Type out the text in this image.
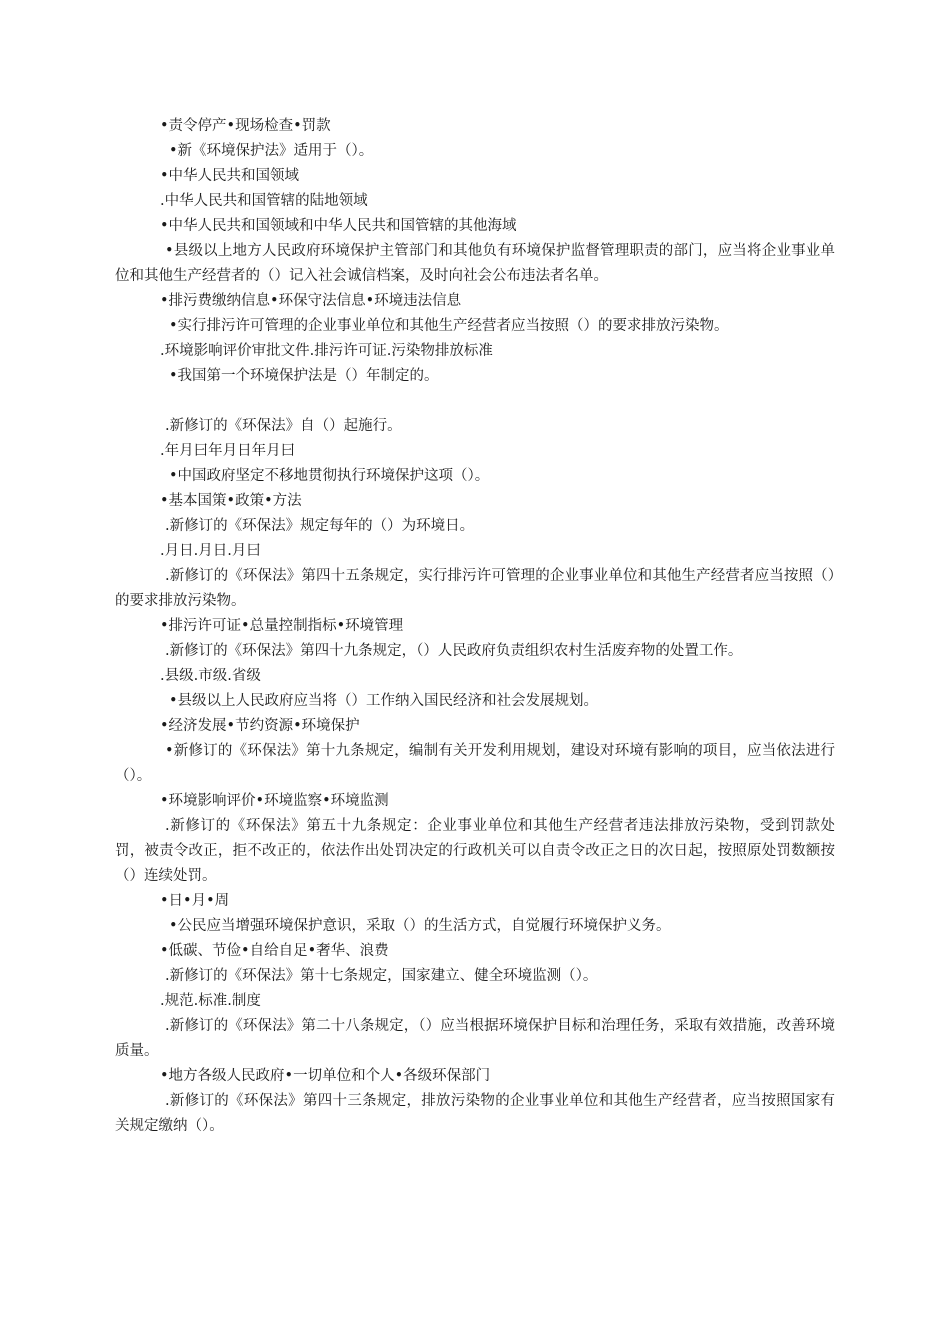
•责令停产•现场检查•罚款
•新《环境保护法》适用于（）。
•中华人民共和国领域
.中华人民共和国管辖的陆地领域
•中华人民共和国领域和中华人民共和国管辖的其他海域
•县级以上地方人民政府环境保护主管部门和其他负有环境保护监督管理职责的部门，应当将企业事业单位和其他生产经营者的（）记入社会诚信档案，及时向社会公布违法者名单。
•排污费缴纳信息•环保守法信息•环境违法信息
•实行排污许可管理的企业事业单位和其他生产经营者应当按照（）的要求排放污染物。
.环境影响评价审批文件.排污许可证.污染物排放标准
•我国第一个环境保护法是（）年制定的。
.新修订的《环保法》自（）起施行。
.年月曰年月日年月曰
•中国政府坚定不移地贯彻执行环境保护这项（）。
•基本国策•政策•方法
.新修订的《环保法》规定每年的（）为环境日。
.月日.月日.月曰
.新修订的《环保法》第四十五条规定，实行排污许可管理的企业事业单位和其他生产经营者应当按照（）的要求排放污染物。
•排污许可证•总量控制指标•环境管理
.新修订的《环保法》第四十九条规定，（）人民政府负责组织农村生活废弃物的处置工作。
.县级.市级.省级
•县级以上人民政府应当将（）工作纳入国民经济和社会发展规划。
•经济发展•节约资源•环境保护
•新修订的《环保法》第十九条规定，编制有关开发利用规划，建设对环境有影响的项目，应当依法进行（）。
•环境影响评价•环境监察•环境监测
.新修订的《环保法》第五十九条规定：企业事业单位和其他生产经营者违法排放污染物，受到罚款处罚，被责令改正，拒不改正的，依法作出处罚决定的行政机关可以自责令改正之日的次日起，按照原处罚数额按（）连续处罚。
•日•月•周
•公民应当增强环境保护意识，采取（）的生活方式，自觉履行环境保护义务。
•低碳、节俭•自给自足•奢华、浪费
.新修订的《环保法》第十七条规定，国家建立、健全环境监测（）。
.规范.标准.制度
.新修订的《环保法》第二十八条规定，（）应当根据环境保护目标和治理任务，采取有效措施，改善环境质量。
•地方各级人民政府•一切单位和个人•各级环保部门
.新修订的《环保法》第四十三条规定，排放污染物的企业事业单位和其他生产经营者，应当按照国家有关规定缴纳（）。
